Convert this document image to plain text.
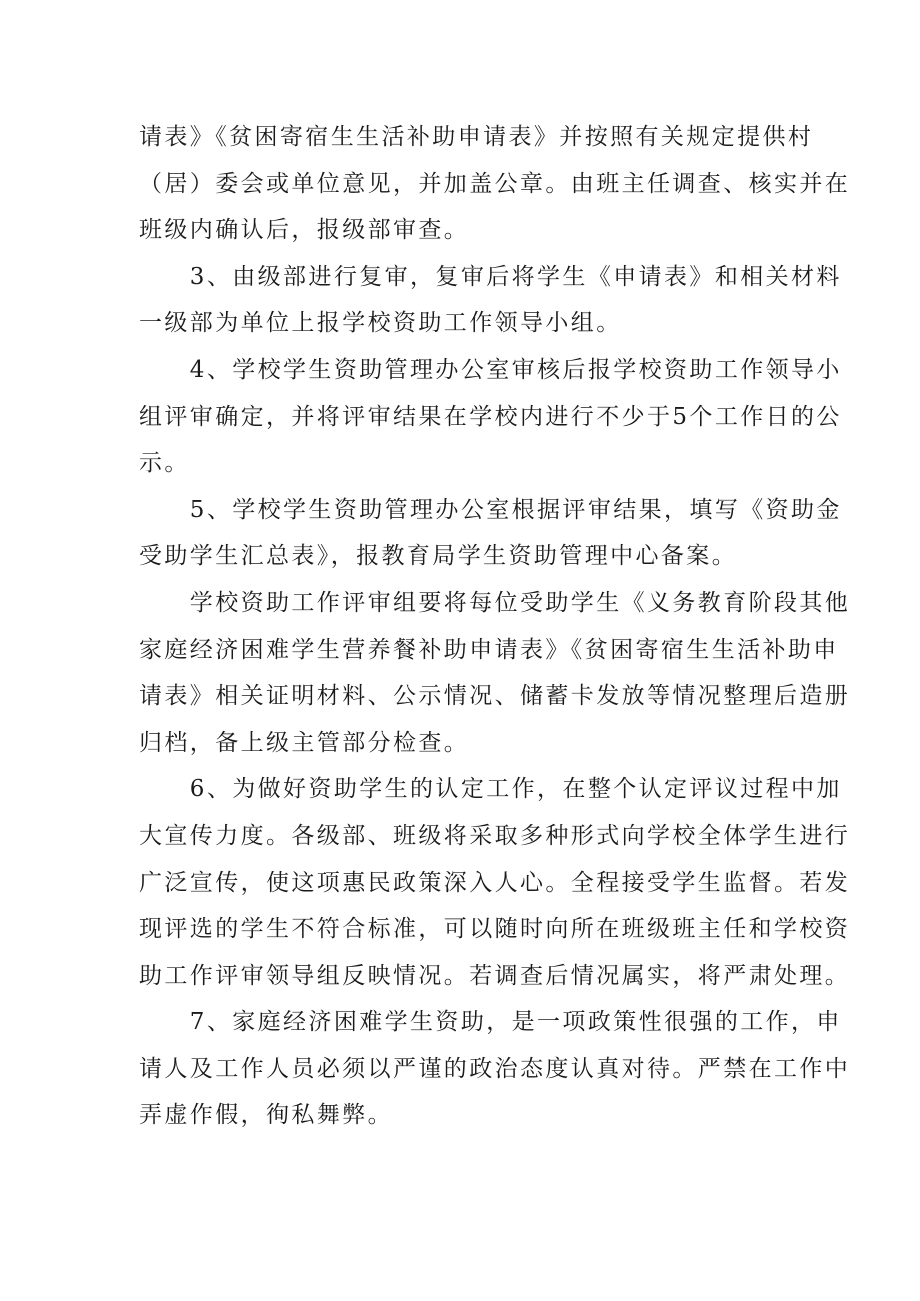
请表》《贫困寄宿生生活补助申请表》并按照有关规定提供村
（居）委会或单位意见，并加盖公章。由班主任调查、核实并在
班级内确认后，报级部审查。
　　3、由级部进行复审，复审后将学生《申请表》和相关材料
一级部为单位上报学校资助工作领导小组。
　　4、学校学生资助管理办公室审核后报学校资助工作领导小
组评审确定，并将评审结果在学校内进行不少于5个工作日的公
示。
　　5、学校学生资助管理办公室根据评审结果，填写《资助金
受助学生汇总表》，报教育局学生资助管理中心备案。
　　学校资助工作评审组要将每位受助学生《义务教育阶段其他
家庭经济困难学生营养餐补助申请表》《贫困寄宿生生活补助申
请表》相关证明材料、公示情况、储蓄卡发放等情况整理后造册
归档，备上级主管部分检查。
　　6、为做好资助学生的认定工作，在整个认定评议过程中加
大宣传力度。各级部、班级将采取多种形式向学校全体学生进行
广泛宣传，使这项惠民政策深入人心。全程接受学生监督。若发
现评选的学生不符合标准，可以随时向所在班级班主任和学校资
助工作评审领导组反映情况。若调查后情况属实，将严肃处理。
　　7、家庭经济困难学生资助，是一项政策性很强的工作，申
请人及工作人员必须以严谨的政治态度认真对待。严禁在工作中
弄虚作假，徇私舞弊。
